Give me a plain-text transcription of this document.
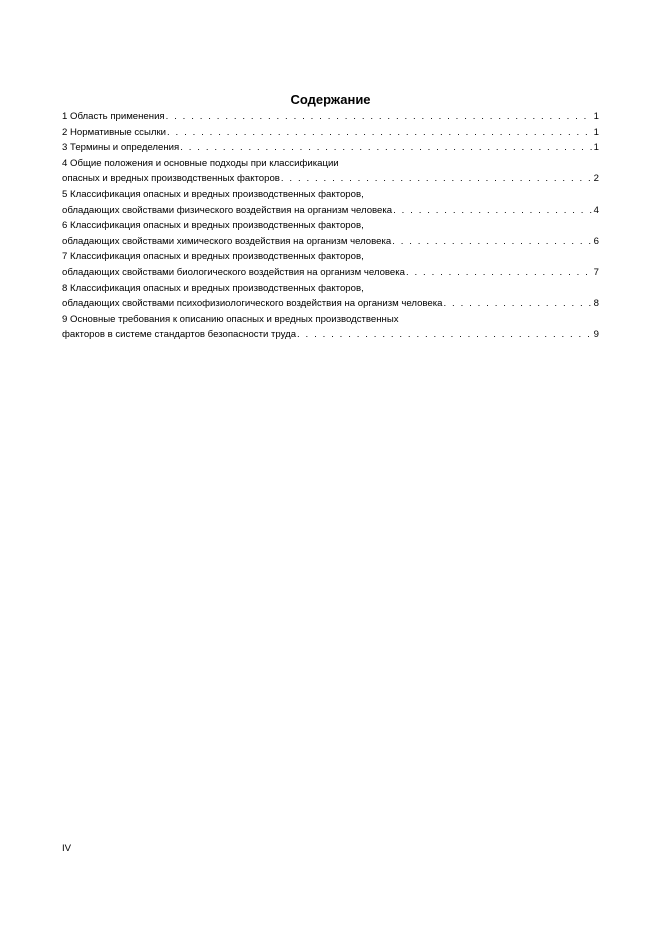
Содержание
1 Область применения . . .	1
2 Нормативные ссылки . . .	1
3 Термины и определения . . .	1
4 Общие положения и основные подходы при классификации
опасных и вредных производственных факторов . . .	2
5 Классификация опасных и вредных производственных факторов,
обладающих свойствами физического воздействия на организм человека . . .	4
6 Классификация опасных и вредных производственных факторов,
обладающих свойствами химического воздействия на организм человека . . .	6
7 Классификация опасных и вредных производственных факторов,
обладающих свойствами биологического воздействия на организм человека . . .	7
8 Классификация опасных и вредных производственных факторов,
обладающих свойствами психофизиологического воздействия на организм человека . . .	8
9 Основные требования к описанию опасных и вредных производственных
факторов в системе стандартов безопасности труда . . .	9
IV
